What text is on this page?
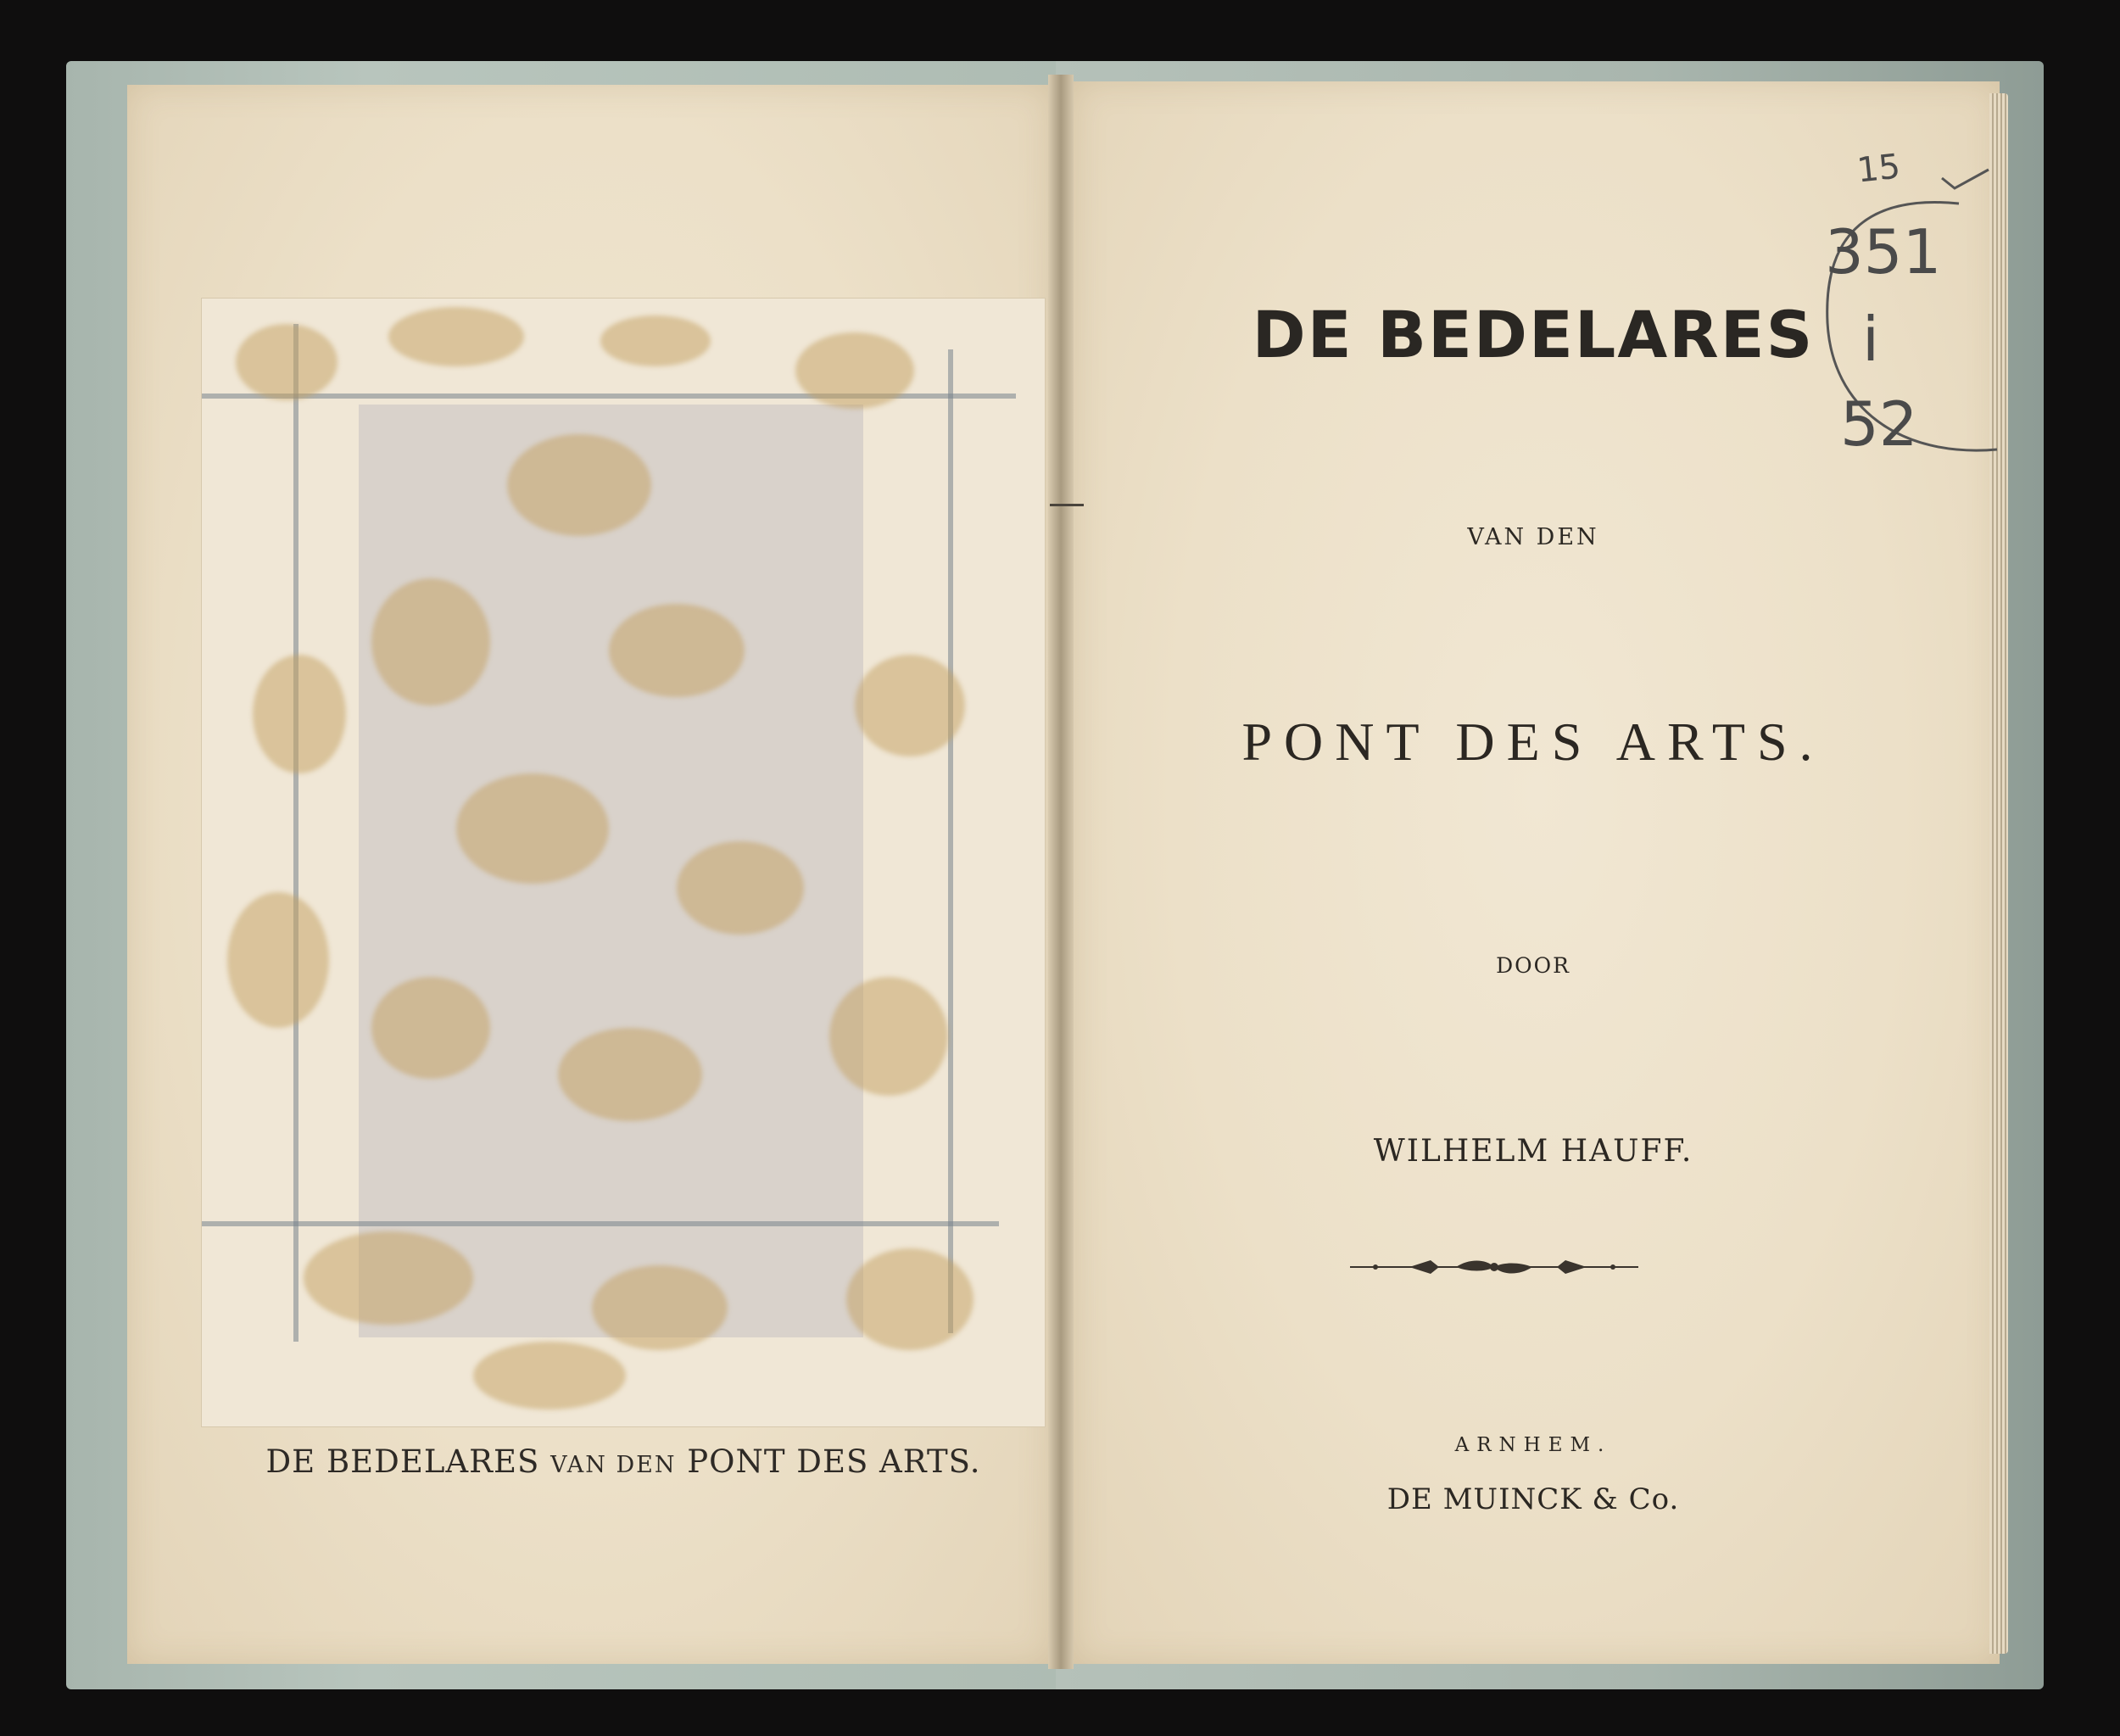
DE BEDELARES VAN DEN PONT DES ARTS.
DE BEDELARES
VAN DEN
PONT DES ARTS.
DOOR
WILHELM HAUFF.
ARNHEM.
DE MUINCK & Co.
15
351
i
52
